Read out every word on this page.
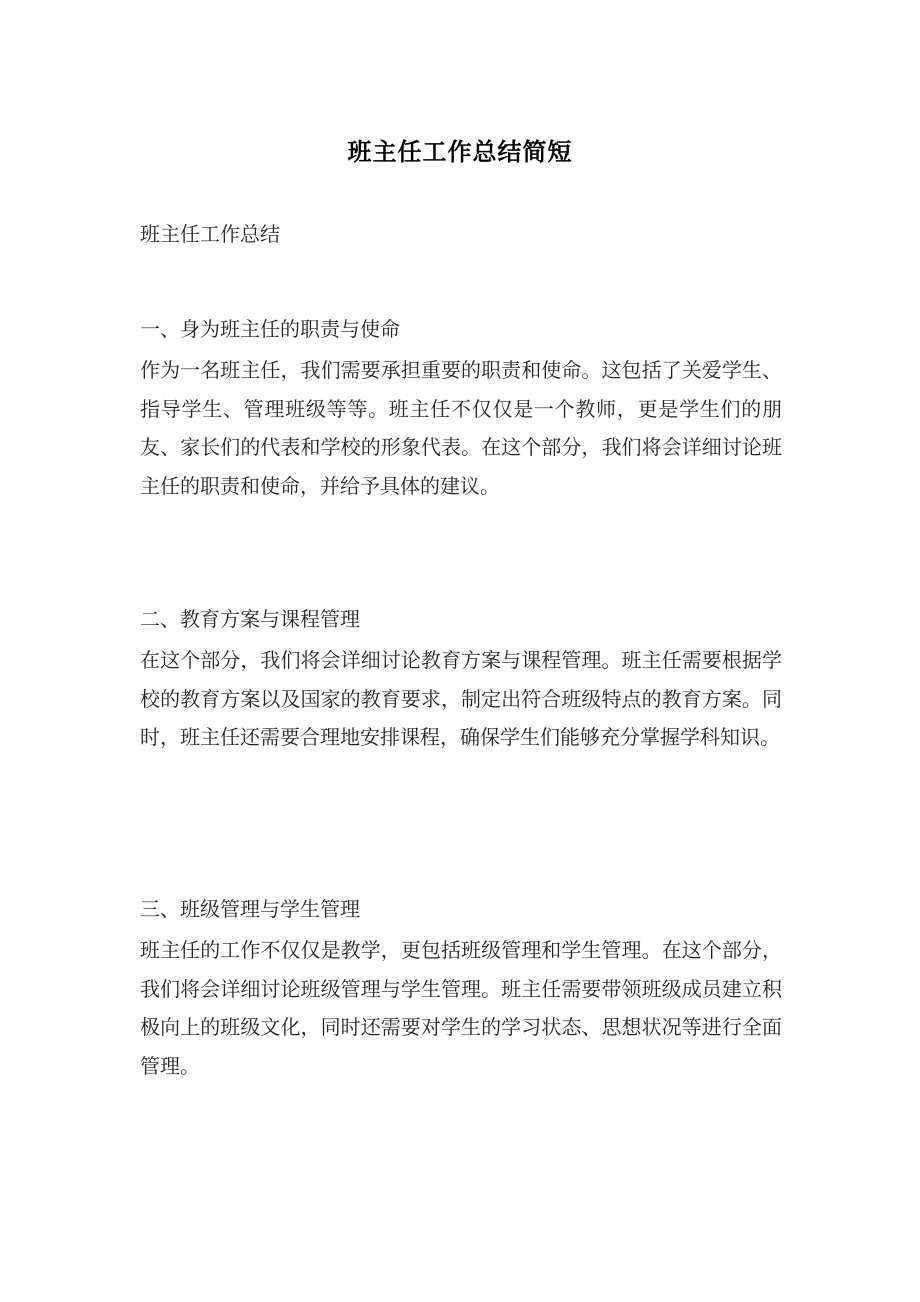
班主任工作总结简短
班主任工作总结
一、身为班主任的职责与使命

作为一名班主任，我们需要承担重要的职责和使命。这包括了关爱学生、指导学生、管理班级等等。班主任不仅仅是一个教师，更是学生们的朋友、家长们的代表和学校的形象代表。在这个部分，我们将会详细讨论班主任的职责和使命，并给予具体的建议。

二、教育方案与课程管理

在这个部分，我们将会详细讨论教育方案与课程管理。班主任需要根据学校的教育方案以及国家的教育要求，制定出符合班级特点的教育方案。同时，班主任还需要合理地安排课程，确保学生们能够充分掌握学科知识。

三、班级管理与学生管理

班主任的工作不仅仅是教学，更包括班级管理和学生管理。在这个部分，我们将会详细讨论班级管理与学生管理。班主任需要带领班级成员建立积极向上的班级文化，同时还需要对学生的学习状态、思想状况等进行全面管理。
